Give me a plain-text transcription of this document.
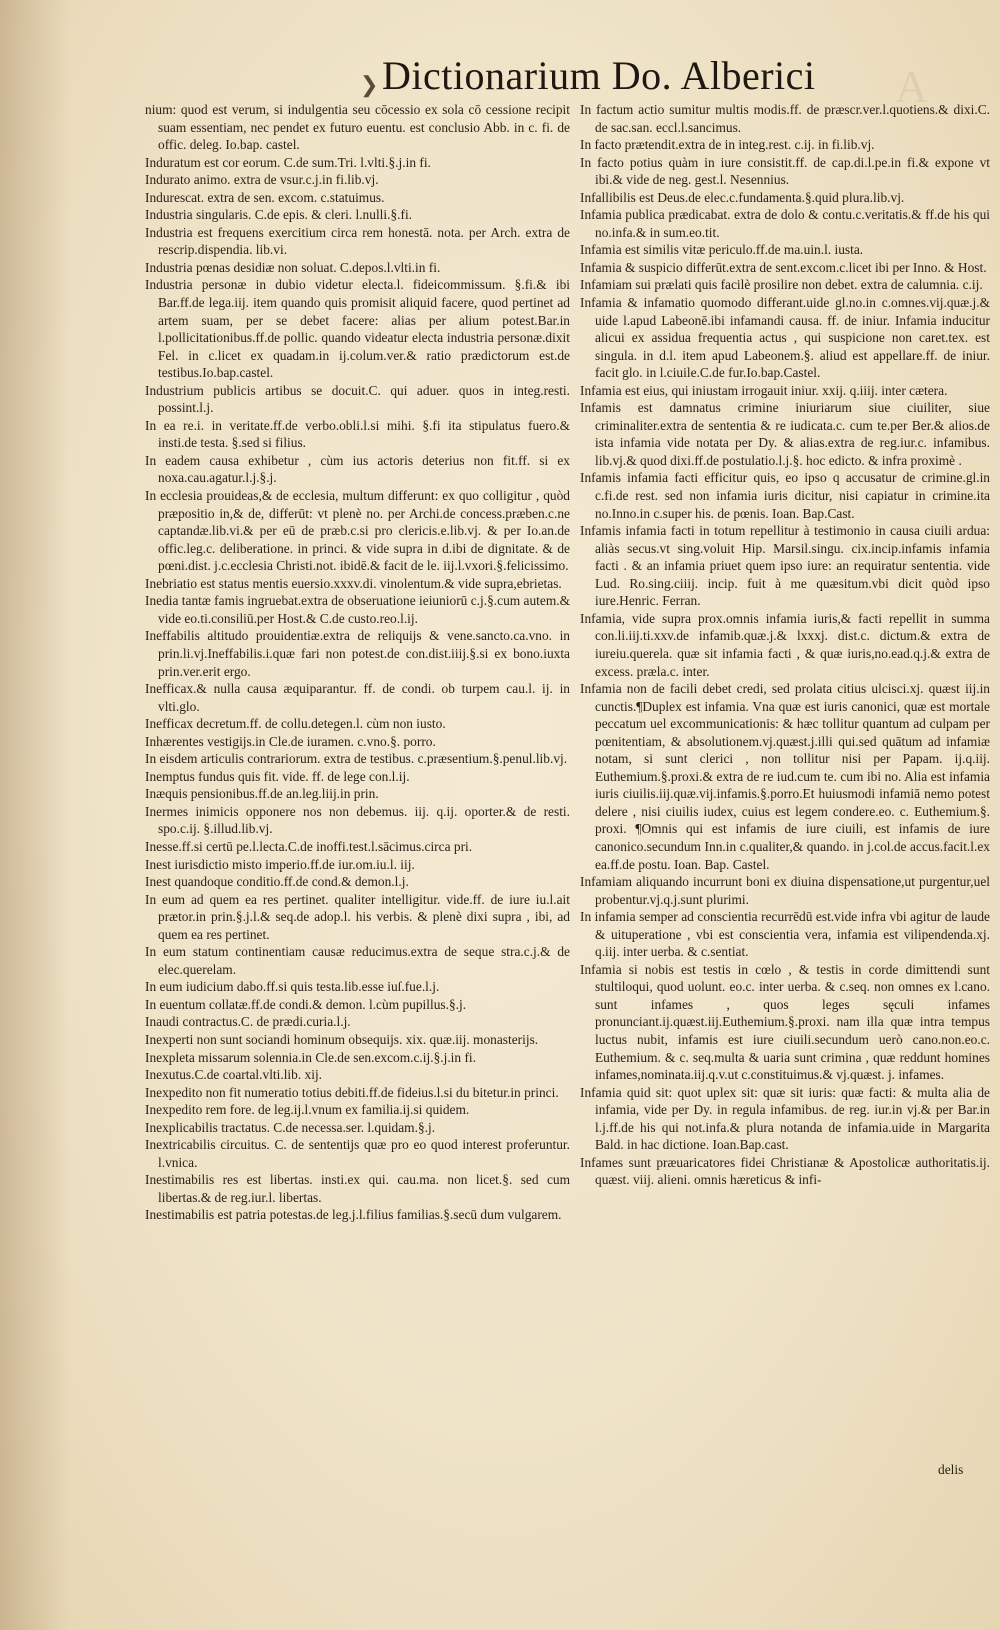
❯ Dictionarium Do. Alberici A

nium: quod est verum, si indulgentia seu cōcessio ex sola cō cessione recipit suam essentiam, nec pendet ex futuro euentu. est conclusio Abb. in c. fi. de offic. deleg. Io.bap. castel.

Induratum est cor eorum. C.de sum.Tri. l.vlti.§.j.in fi.

Indurato animo. extra de vsur.c.j.in fi.lib.vj.

Indurescat. extra de sen. excom. c.statuimus.

Industria singularis. C.de epis. & cleri. l.nulli.§.fi.

Industria est frequens exercitium circa rem honestā. nota. per Arch. extra de rescrip.dispendia. lib.vi.

Industria pœnas desidiæ non soluat. C.depos.l.vlti.in fi.

Industria personæ in dubio videtur electa.l. fideicommissum. §.fi.& ibi Bar.ff.de lega.iij. item quando quis promisit aliquid facere, quod pertinet ad artem suam, per se debet facere: alias per alium potest.Bar.in l.pollicitationibus.ff.de pollic. quando videatur electa industria personæ.dixit Fel. in c.licet ex quadam.in ij.colum.ver.& ratio prædictorum est.de testibus.Io.bap.castel.

Industrium publicis artibus se docuit.C. qui aduer. quos in integ.resti. possint.l.j.

In ea re.i. in veritate.ff.de verbo.obli.l.si mihi. §.fi ita stipulatus fuero.& insti.de testa. §.sed si filius.

In eadem causa exhibetur , cùm ius actoris deterius non fit.ff. si ex noxa.cau.agatur.l.j.§.j.

In ecclesia prouideas,& de ecclesia, multum differunt: ex quo colligitur , quòd præpositio in,& de, differūt: vt plenè no. per Archi.de concess.præben.c.ne captandæ.lib.vi.& per eū de præb.c.si pro clericis.e.lib.vj. & per Io.an.de offic.leg.c. deliberatione. in princi. & vide supra in d.ibi de dignitate. & de pœni.dist. j.c.ecclesia Christi.not. ibidē.& facit de le. iij.l.vxori.§.felicissimo.

Inebriatio est status mentis euersio.xxxv.di. vinolentum.& vide supra,ebrietas.

Inedia tantæ famis ingruebat.extra de obseruatione ieiuniorū c.j.§.cum autem.& vide eo.ti.consiliū.per Host.& C.de custo.reo.l.ij.

Ineffabilis altitudo prouidentiæ.extra de reliquijs & vene.sancto.ca.vno. in prin.li.vj.Ineffabilis.i.quæ fari non potest.de con.dist.iiij.§.si ex bono.iuxta prin.ver.erit ergo.

Inefficax.& nulla causa æquiparantur. ff. de condi. ob turpem cau.l. ij. in vlti.glo.

Inefficax decretum.ff. de collu.detegen.l. cùm non iusto.

Inhærentes vestigijs.in Cle.de iuramen. c.vno.§. porro.

In eisdem articulis contrariorum. extra de testibus. c.præsentium.§.penul.lib.vj.

Inemptus fundus quis fit. vide. ff. de lege con.l.ij.

Inæquis pensionibus.ff.de an.leg.liij.in prin.

Inermes inimicis opponere nos non debemus. iij. q.ij. oporter.& de resti. spo.c.ij. §.illud.lib.vj.

Inesse.ff.si certū pe.l.lecta.C.de inoffi.test.l.sācimus.circa pri.

Inest iurisdictio misto imperio.ff.de iur.om.iu.l. iij.

Inest quandoque conditio.ff.de cond.& demon.l.j.

In eum ad quem ea res pertinet. qualiter intelligitur. vide.ff. de iure iu.l.ait prætor.in prin.§.j.l.& seq.de adop.l. his verbis. & plenè dixi supra , ibi, ad quem ea res pertinet.

In eum statum continentiam causæ reducimus.extra de seque stra.c.j.& de elec.querelam.

In eum iudicium dabo.ff.si quis testa.lib.esse iuſ.fue.l.j.

In euentum collatæ.ff.de condi.& demon. l.cùm pupillus.§.j.

Inaudi contractus.C. de prædi.curia.l.j.

Inexperti non sunt sociandi hominum obsequijs. xix. quæ.iij. monasterijs.

Inexpleta missarum solennia.in Cle.de sen.excom.c.ij.§.j.in fi.

Inexutus.C.de coartal.vlti.lib. xij.

Inexpedito non fit numeratio totius debiti.ff.de fideius.l.si du bitetur.in princi.

Inexpedito rem fore. de leg.ij.l.vnum ex familia.ij.si quidem.

Inexplicabilis tractatus. C.de necessa.ser. l.quidam.§.j.

Inextricabilis circuitus. C. de sententijs quæ pro eo quod interest proferuntur. l.vnica.

Inestimabilis res est libertas. insti.ex qui. cau.ma. non licet.§. sed cum libertas.& de reg.iur.l. libertas.

Inestimabilis est patria potestas.de leg.j.l.filius familias.§.secū dum vulgarem.

In factum actio sumitur multis modis.ff. de præscr.ver.l.quotiens.& dixi.C. de sac.san. eccl.l.sancimus.

In facto prætendit.extra de in integ.rest. c.ij. in fi.lib.vj.

In facto potius quàm in iure consistit.ff. de cap.di.l.pe.in fi.& expone vt ibi.& vide de neg. gest.l. Nesennius.

Infallibilis est Deus.de elec.c.fundamenta.§.quid plura.lib.vj.

Infamia publica prædicabat. extra de dolo & contu.c.veritatis.& ff.de his qui no.infa.& in sum.eo.tit.

Infamia est similis vitæ periculo.ff.de ma.uin.l. iusta.

Infamia & suspicio differūt.extra de sent.excom.c.licet ibi per Inno. & Host.

Infamiam sui prælati quis facilè prosilire non debet. extra de calumnia. c.ij.

Infamia & infamatio quomodo differant.uide gl.no.in c.omnes.vij.quæ.j.& uide l.apud Labeonē.ibi infamandi causa. ff. de iniur. Infamia inducitur alicui ex assidua frequentia actus , qui suspicione non caret.tex. est singula. in d.l. item apud Labeonem.§. aliud est appellare.ff. de iniur. facit glo. in l.ciuile.C.de fur.Io.bap.Castel.

Infamia est eius, qui iniustam irrogauit iniur. xxij. q.iiij. inter cætera.

Infamis est damnatus crimine iniuriarum siue ciuiliter, siue criminaliter.extra de sententia & re iudicata.c. cum te.per Ber.& alios.de ista infamia vide notata per Dy. & alias.extra de reg.iur.c. infamibus. lib.vj.& quod dixi.ff.de postulatio.l.j.§. hoc edicto. & infra proximè .

Infamis infamia facti efficitur quis, eo ipso q accusatur de crimine.gl.in c.fi.de rest. sed non infamia iuris dicitur, nisi capiatur in crimine.ita no.Inno.in c.super his. de pœnis. Ioan. Bap.Cast.

Infamis infamia facti in totum repellitur à testimonio in causa ciuili ardua: aliàs secus.vt sing.voluit Hip. Marsil.singu. cix.incip.infamis infamia facti . & an infamia priuet quem ipso iure: an requiratur sententia. vide Lud. Ro.sing.ciiij. incip. fuit à me quæsitum.vbi dicit quòd ipso iure.Henric. Ferran.

Infamia, vide supra prox.omnis infamia iuris,& facti repellit in summa con.li.iij.ti.xxv.de infamib.quæ.j.& lxxxj. dist.c. dictum.& extra de iureiu.querela. quæ sit infamia facti , & quæ iuris,no.ead.q.j.& extra de excess. præla.c. inter.

Infamia non de facili debet credi, sed prolata citius ulcisci.xj. quæst iij.in cunctis.¶Duplex est infamia. Vna quæ est iuris canonici, quæ est mortale peccatum uel excommunicationis: & hæc tollitur quantum ad culpam per pœnitentiam, & absolutionem.vj.quæst.j.illi qui.sed quātum ad infamiæ notam, si sunt clerici , non tollitur nisi per Papam. ij.q.iij. Euthemium.§.proxi.& extra de re iud.cum te. cum ibi no. Alia est infamia iuris ciuilis.iij.quæ.vij.infamis.§.porro.Et huiusmodi infamiā nemo potest delere , nisi ciuilis iudex, cuius est legem condere.eo. c. Euthemium.§. proxi. ¶Omnis qui est infamis de iure ciuili, est infamis de iure canonico.secundum Inn.in c.qualiter,& quando. in j.col.de accus.facit.l.ex ea.ff.de postu. Ioan. Bap. Castel.

Infamiam aliquando incurrunt boni ex diuina dispensatione,ut purgentur,uel probentur.vj.q.j.sunt plurimi.

In infamia semper ad conscientia recurrēdū est.vide infra vbi agitur de laude & uituperatione , vbi est conscientia vera, infamia est vilipendenda.xj. q.iij. inter uerba. & c.sentiat.

Infamia si nobis est testis in cœlo , & testis in corde dimittendi sunt stultiloqui, quod uolunt. eo.c. inter uerba. & c.seq. non omnes ex l.cano. sunt infames , quos leges sęculi infames pronunciant.ij.quæst.iij.Euthemium.§.proxi. nam illa quæ intra tempus luctus nubit, infamis est iure ciuili.secundum uerò cano.non.eo.c. Euthemium. & c. seq.multa & uaria sunt crimina , quæ reddunt homines infames,nominata.iij.q.v.ut c.constituimus.& vj.quæst. j. infames.

Infamia quid sit: quot uplex sit: quæ sit iuris: quæ facti: & multa alia de infamia, vide per Dy. in regula infamibus. de reg. iur.in vj.& per Bar.in l.j.ff.de his qui not.infa.& plura notanda de infamia.uide in Margarita Bald. in hac dictione. Ioan.Bap.cast.

Infames sunt præuaricatores fidei Christianæ & Apostolicæ authoritatis.ij. quæst. viij. alieni. omnis hæreticus & infi-

delis
